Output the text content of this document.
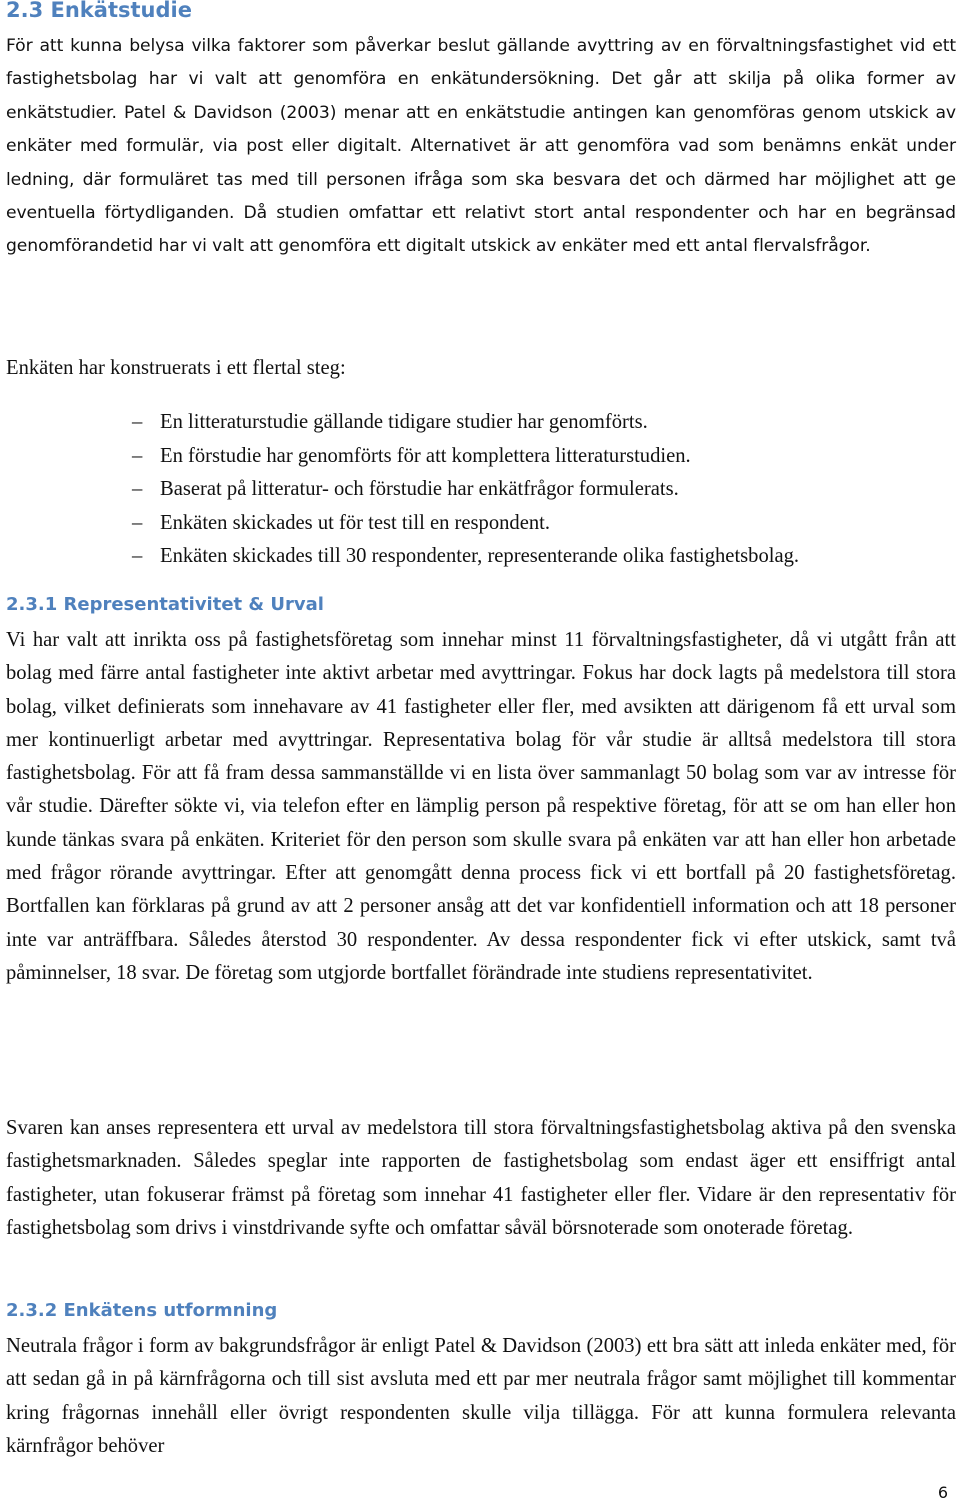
2.3 Enkätstudie

För att kunna belysa vilka faktorer som påverkar beslut gällande avyttring av en förvaltningsfastighet vid ett fastighetsbolag har vi valt att genomföra en enkätundersökning. Det går att skilja på olika former av enkätstudier. Patel & Davidson (2003) menar att en enkätstudie antingen kan genomföras genom utskick av enkäter med formulär, via post eller digitalt. Alternativet är att genomföra vad som benämns enkät under ledning, där formuläret tas med till personen ifråga som ska besvara det och därmed har möjlighet att ge eventuella förtydliganden. Då studien omfattar ett relativt stort antal respondenter och har en begränsad genomförandetid har vi valt att genomföra ett digitalt utskick av enkäter med ett antal flervalsfrågor.

Enkäten har konstruerats i ett flertal steg:

– En litteraturstudie gällande tidigare studier har genomförts.
– En förstudie har genomförts för att komplettera litteraturstudien.
– Baserat på litteratur- och förstudie har enkätfrågor formulerats.
– Enkäten skickades ut för test till en respondent.
– Enkäten skickades till 30 respondenter, representerande olika fastighetsbolag.
2.3.1 Representativitet & Urval

Vi har valt att inrikta oss på fastighetsföretag som innehar minst 11 förvaltningsfastigheter, då vi utgått från att bolag med färre antal fastigheter inte aktivt arbetar med avyttringar. Fokus har dock lagts på medelstora till stora bolag, vilket definierats som innehavare av 41 fastigheter eller fler, med avsikten att därigenom få ett urval som mer kontinuerligt arbetar med avyttringar. Representativa bolag för vår studie är alltså medelstora till stora fastighetsbolag. För att få fram dessa sammanställde vi en lista över sammanlagt 50 bolag som var av intresse för vår studie. Därefter sökte vi, via telefon efter en lämplig person på respektive företag, för att se om han eller hon kunde tänkas svara på enkäten. Kriteriet för den person som skulle svara på enkäten var att han eller hon arbetade med frågor rörande avyttringar. Efter att genomgått denna process fick vi ett bortfall på 20 fastighetsföretag. Bortfallen kan förklaras på grund av att 2 personer ansåg att det var konfidentiell information och att 18 personer inte var anträffbara. Således återstod 30 respondenter. Av dessa respondenter fick vi efter utskick, samt två påminnelser, 18 svar. De företag som utgjorde bortfallet förändrade inte studiens representativitet.

Svaren kan anses representera ett urval av medelstora till stora förvaltningsfastighetsbolag aktiva på den svenska fastighetsmarknaden. Således speglar inte rapporten de fastighetsbolag som endast äger ett ensiffrigt antal fastigheter, utan fokuserar främst på företag som innehar 41 fastigheter eller fler. Vidare är den representativ för fastighetsbolag som drivs i vinstdrivande syfte och omfattar såväl börsnoterade som onoterade företag.

2.3.2 Enkätens utformning

Neutrala frågor i form av bakgrundsfrågor är enligt Patel & Davidson (2003) ett bra sätt att inleda enkäter med, för att sedan gå in på kärnfrågorna och till sist avsluta med ett par mer neutrala frågor samt möjlighet till kommentar kring frågornas innehåll eller övrigt respondenten skulle vilja tillägga. För att kunna formulera relevanta kärnfrågor behöver

6
